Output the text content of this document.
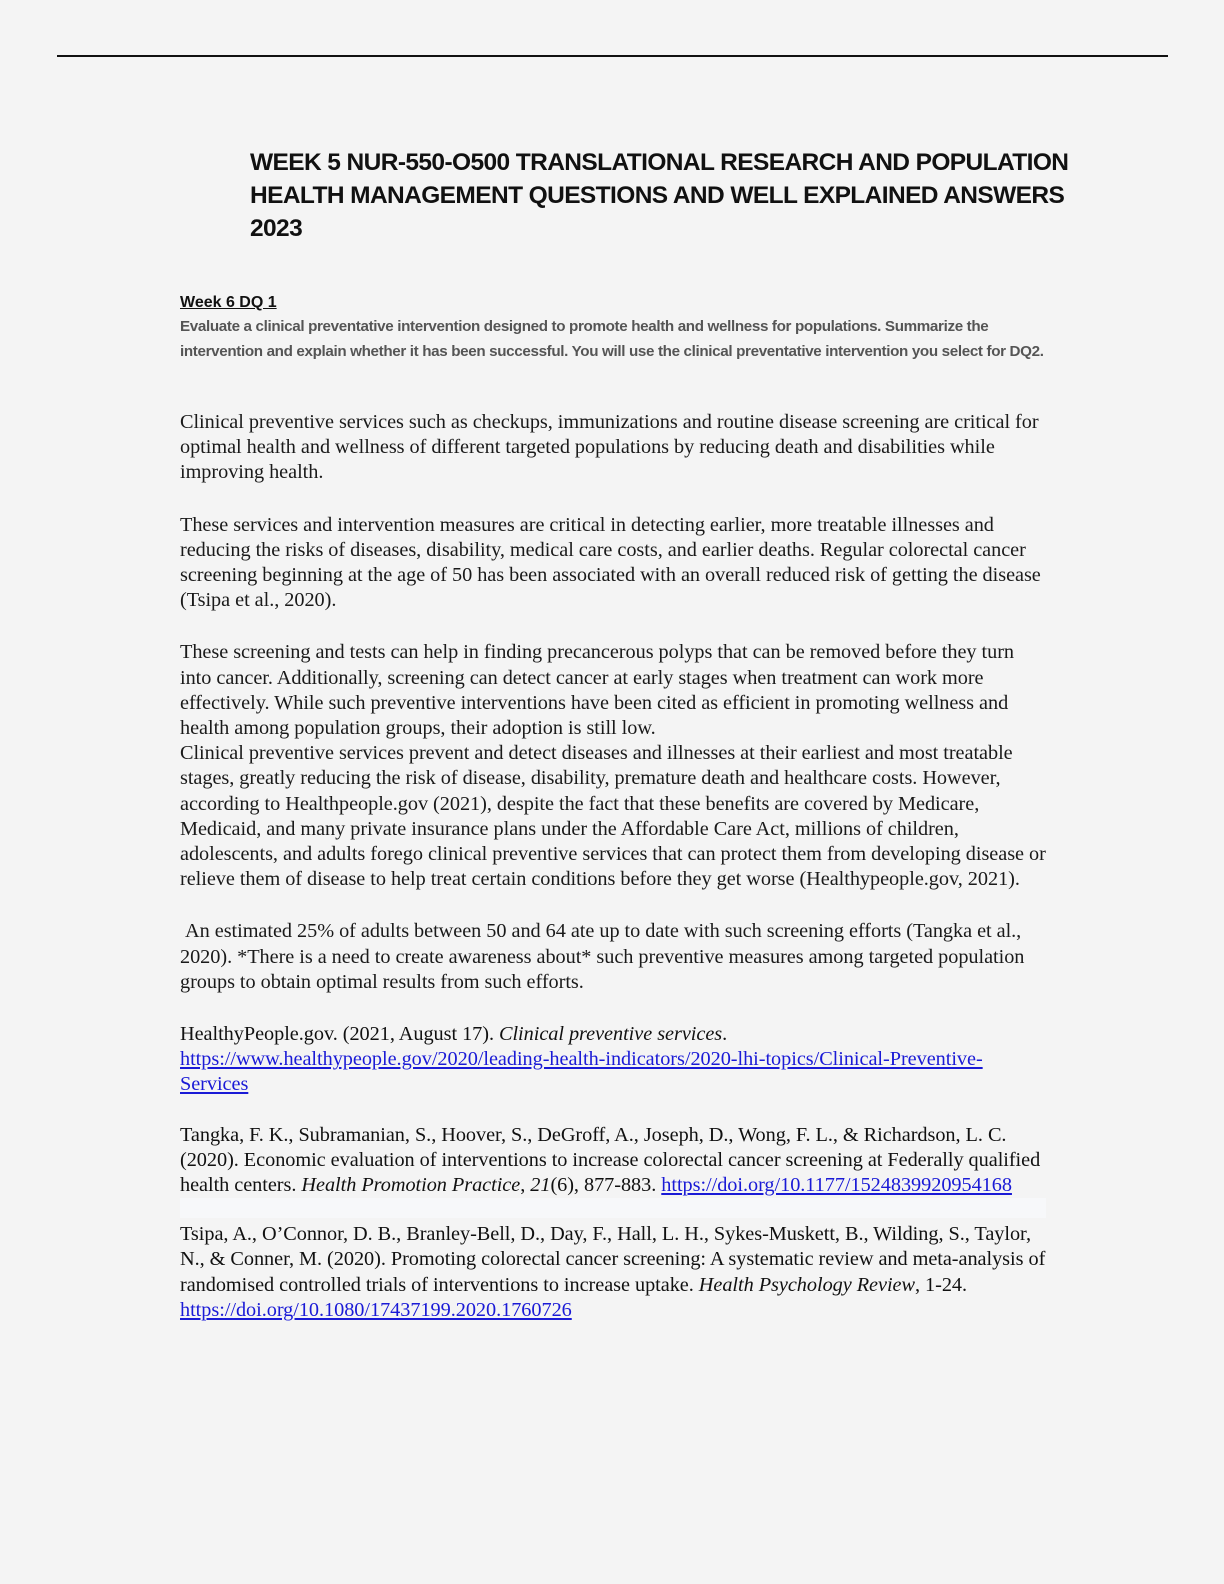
WEEK 5 NUR-550-O500 TRANSLATIONAL RESEARCH AND POPULATION HEALTH MANAGEMENT QUESTIONS AND WELL EXPLAINED ANSWERS 2023
Week 6 DQ 1
Evaluate a clinical preventative intervention designed to promote health and wellness for populations. Summarize the intervention and explain whether it has been successful. You will use the clinical preventative intervention you select for DQ2.
Clinical preventive services such as checkups, immunizations and routine disease screening are critical for optimal health and wellness of different targeted populations by reducing death and disabilities while improving health.
These services and intervention measures are critical in detecting earlier, more treatable illnesses and reducing the risks of diseases, disability, medical care costs, and earlier deaths. Regular colorectal cancer screening beginning at the age of 50 has been associated with an overall reduced risk of getting the disease (Tsipa et al., 2020).
These screening and tests can help in finding precancerous polyps that can be removed before they turn into cancer. Additionally, screening can detect cancer at early stages when treatment can work more effectively. While such preventive interventions have been cited as efficient in promoting wellness and health among population groups, their adoption is still low.
Clinical preventive services prevent and detect diseases and illnesses at their earliest and most treatable stages, greatly reducing the risk of disease, disability, premature death and healthcare costs. However, according to Healthpeople.gov (2021), despite the fact that these benefits are covered by Medicare, Medicaid, and many private insurance plans under the Affordable Care Act, millions of children, adolescents, and adults forego clinical preventive services that can protect them from developing disease or relieve them of disease to help treat certain conditions before they get worse (Healthypeople.gov, 2021).
An estimated 25% of adults between 50 and 64 ate up to date with such screening efforts (Tangka et al., 2020). *There is a need to create awareness about* such preventive measures among targeted population groups to obtain optimal results from such efforts.
HealthyPeople.gov. (2021, August 17). Clinical preventive services. https://www.healthypeople.gov/2020/leading-health-indicators/2020-lhi-topics/Clinical-Preventive-Services
Tangka, F. K., Subramanian, S., Hoover, S., DeGroff, A., Joseph, D., Wong, F. L., & Richardson, L. C. (2020). Economic evaluation of interventions to increase colorectal cancer screening at Federally qualified health centers. Health Promotion Practice, 21(6), 877-883. https://doi.org/10.1177/1524839920954168
Tsipa, A., O’Connor, D. B., Branley-Bell, D., Day, F., Hall, L. H., Sykes-Muskett, B., Wilding, S., Taylor, N., & Conner, M. (2020). Promoting colorectal cancer screening: A systematic review and meta-analysis of randomised controlled trials of interventions to increase uptake. Health Psychology Review, 1-24. https://doi.org/10.1080/17437199.2020.1760726
